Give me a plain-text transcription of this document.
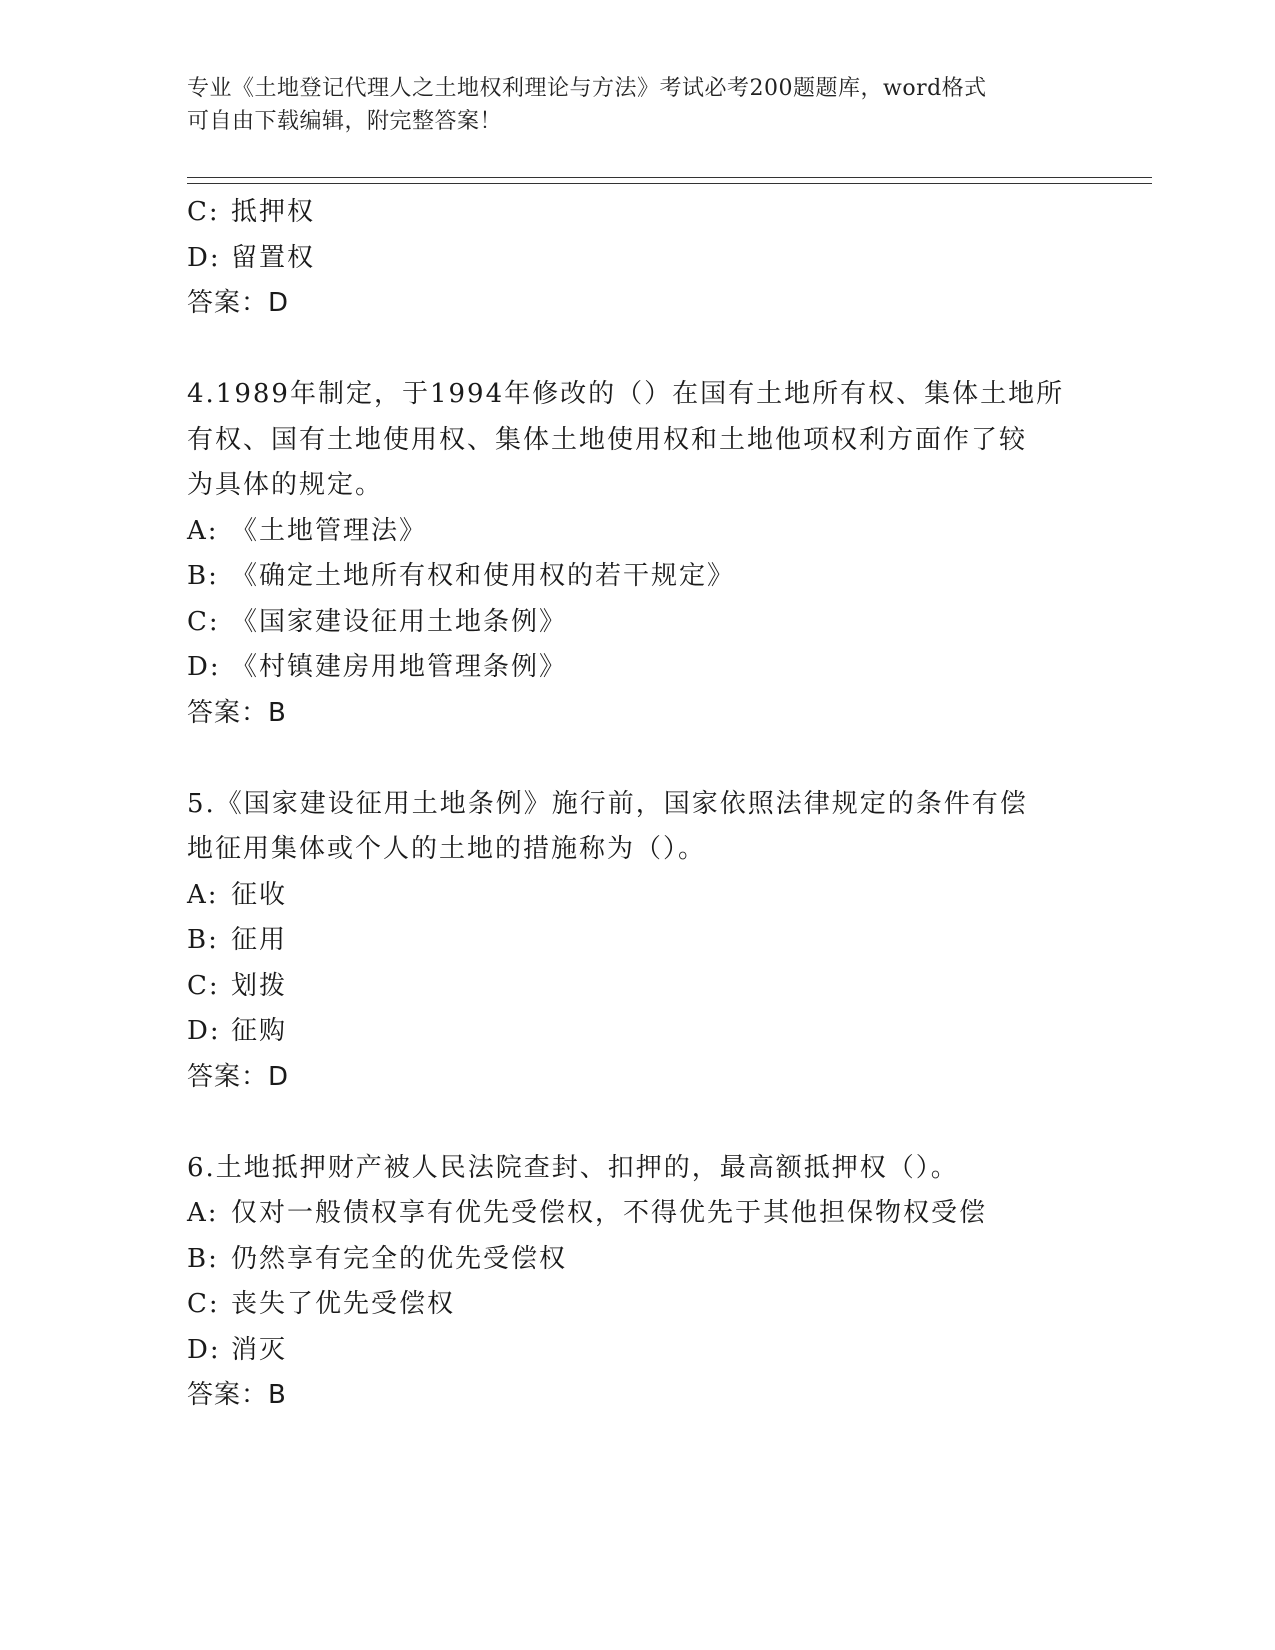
专业《土地登记代理人之土地权利理论与方法》考试必考200题题库，word格式
可自由下载编辑，附完整答案！
C: 抵押权
D: 留置权
答案：D
4.1989年制定，于1994年修改的（）在国有土地所有权、集体土地所
有权、国有土地使用权、集体土地使用权和土地他项权利方面作了较
为具体的规定。
A: 《土地管理法》
B: 《确定土地所有权和使用权的若干规定》
C: 《国家建设征用土地条例》
D: 《村镇建房用地管理条例》
答案：B
5.《国家建设征用土地条例》施行前，国家依照法律规定的条件有偿
地征用集体或个人的土地的措施称为（）。
A: 征收
B: 征用
C: 划拨
D: 征购
答案：D
6.土地抵押财产被人民法院查封、扣押的，最高额抵押权（）。
A: 仅对一般债权享有优先受偿权，不得优先于其他担保物权受偿
B: 仍然享有完全的优先受偿权
C: 丧失了优先受偿权
D: 消灭
答案：B
